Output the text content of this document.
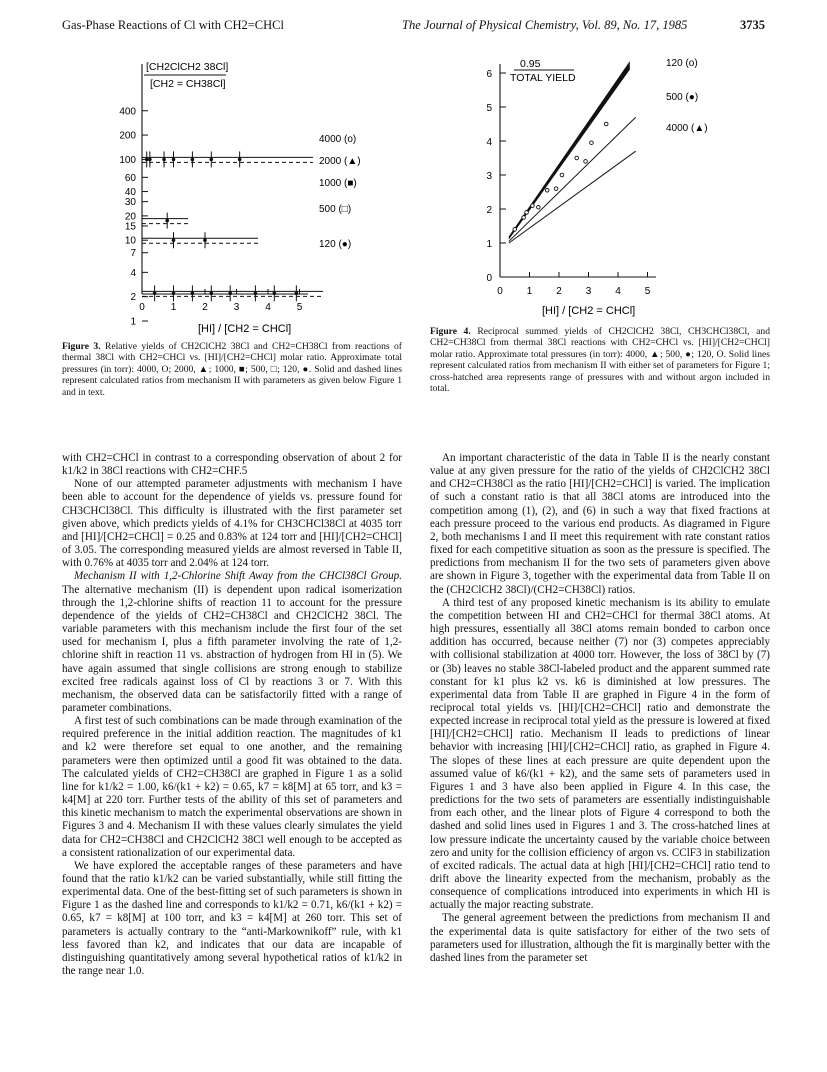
Gas-Phase Reactions of Cl with CH2=CHCl	The Journal of Physical Chemistry, Vol. 89, No. 17, 1985	3735
400
200
100
60
40
30
20
15
10
7
4
2
1
0	1	2	3	4	5
[CH2ClCH2 38Cl]
[CH2 = CH38Cl]
[HI] / [CH2 = CHCl]
4000 (o)
2000 (▲)
1000 (■)
500 (□)
120 (●)
Figure 3. Relative yields of CH2ClCH2 38Cl and CH2=CH38Cl from reactions of thermal 38Cl with CH2=CHCl vs. [HI]/[CH2=CHCl] molar ratio. Approximate total pressures (in torr): 4000, O; 2000, ▲; 1000, ■; 500, □; 120, ●. Solid and dashed lines represent calculated ratios from mechanism II with parameters as given below Figure 1 and in text.
0
1
2
3
4
5
6
0 1 2 3 4 5
0.95
TOTAL YIELD
[HI] / [CH2 = CHCl]
120 (o)
500 (●)
4000 (▲)
Figure 4. Reciprocal summed yields of CH2ClCH2 38Cl, CH3CHCl38Cl, and CH2=CH38Cl from thermal 38Cl reactions with CH2=CHCl vs. [HI]/[CH2=CHCl] molar ratio. Approximate total pressures (in torr): 4000, ▲; 500, ●; 120, O. Solid lines represent calculated ratios from mechanism II with either set of parameters for Figure 1; cross-hatched area represents range of pressures with and without argon included in total.

with CH2=CHCl in contrast to a corresponding observation of about 2 for k1/k2 in 38Cl reactions with CH2=CHF.5

None of our attempted parameter adjustments with mechanism I have been able to account for the dependence of yields vs. pressure found for CH3CHCl38Cl. This difficulty is illustrated with the first parameter set given above, which predicts yields of 4.1% for CH3CHCl38Cl at 4035 torr and [HI]/[CH2=CHCl] = 0.25 and 0.83% at 124 torr and [HI]/[CH2=CHCl] of 3.05. The corresponding measured yields are almost reversed in Table II, with 0.76% at 4035 torr and 2.04% at 124 torr.

Mechanism II with 1,2-Chlorine Shift Away from the CHCl38Cl Group. The alternative mechanism (II) is dependent upon radical isomerization through the 1,2-chlorine shifts of reaction 11 to account for the pressure dependence of the yields of CH2=CH38Cl and CH2ClCH2 38Cl. The variable parameters with this mechanism include the first four of the set used for mechanism I, plus a fifth parameter involving the rate of 1,2-chlorine shift in reaction 11 vs. abstraction of hydrogen from HI in (5). We have again assumed that single collisions are strong enough to stabilize excited free radicals against loss of Cl by reactions 3 or 7. With this mechanism, the observed data can be satisfactorily fitted with a range of parameter combinations.

A first test of such combinations can be made through examination of the required preference in the initial addition reaction. The magnitudes of k1 and k2 were therefore set equal to one another, and the remaining parameters were then optimized until a good fit was obtained to the data. The calculated yields of CH2=CH38Cl are graphed in Figure 1 as a solid line for k1/k2 = 1.00, k6/(k1 + k2) = 0.65, k7 = k8[M] at 65 torr, and k3 = k4[M] at 220 torr. Further tests of the ability of this set of parameters and this kinetic mechanism to match the experimental observations are shown in Figures 3 and 4. Mechanism II with these values clearly simulates the yield data for CH2=CH38Cl and CH2ClCH2 38Cl well enough to be accepted as a consistent rationalization of our experimental data.

We have explored the acceptable ranges of these parameters and have found that the ratio k1/k2 can be varied substantially, while still fitting the experimental data. One of the best-fitting set of such parameters is shown in Figure 1 as the dashed line and corresponds to k1/k2 = 0.71, k6/(k1 + k2) = 0.65, k7 = k8[M] at 100 torr, and k3 = k4[M] at 260 torr. This set of parameters is actually contrary to the “anti-Markownikoff” rule, with k1 less favored than k2, and indicates that our data are incapable of distinguishing quantitatively among several hypothetical ratios of k1/k2 in the range near 1.0.

An important characteristic of the data in Table II is the nearly constant value at any given pressure for the ratio of the yields of CH2ClCH2 38Cl and CH2=CH38Cl as the ratio [HI]/[CH2=CHCl] is varied. The implication of such a constant ratio is that all 38Cl atoms are introduced into the competition among (1), (2), and (6) in such a way that fixed fractions at each pressure proceed to the various end products. As diagramed in Figure 2, both mechanisms I and II meet this requirement with rate constant ratios fixed for each competitive situation as soon as the pressure is specified. The predictions from mechanism II for the two sets of parameters given above are shown in Figure 3, together with the experimental data from Table II on the (CH2ClCH2 38Cl)/(CH2=CH38Cl) ratios.

A third test of any proposed kinetic mechanism is its ability to emulate the competition between HI and CH2=CHCl for thermal 38Cl atoms. At high pressures, essentially all 38Cl atoms remain bonded to carbon once addition has occurred, because neither (7) nor (3) competes appreciably with collisional stabilization at 4000 torr. However, the loss of 38Cl by (7) or (3b) leaves no stable 38Cl-labeled product and the apparent summed rate constant for k1 plus k2 vs. k6 is diminished at low pressures. The experimental data from Table II are graphed in Figure 4 in the form of reciprocal total yields vs. [HI]/[CH2=CHCl] ratio and demonstrate the expected increase in reciprocal total yield as the pressure is lowered at fixed [HI]/[CH2=CHCl] ratio. Mechanism II leads to predictions of linear behavior with increasing [HI]/[CH2=CHCl] ratio, as graphed in Figure 4. The slopes of these lines at each pressure are quite dependent upon the assumed value of k6/(k1 + k2), and the same sets of parameters used in Figures 1 and 3 have also been applied in Figure 4. In this case, the predictions for the two sets of parameters are essentially indistinguishable from each other, and the linear plots of Figure 4 correspond to both the dashed and solid lines used in Figures 1 and 3. The cross-hatched lines at low pressure indicate the uncertainty caused by the variable choice between zero and unity for the collision efficiency of argon vs. CClF3 in stabilization of excited radicals. The actual data at high [HI]/[CH2=CHCl] ratio tend to drift above the linearity expected from the mechanism, probably as the consequence of complications introduced into experiments in which HI is actually the major reacting substrate.

The general agreement between the predictions from mechanism II and the experimental data is quite satisfactory for either of the two sets of parameters used for illustration, although the fit is marginally better with the dashed lines from the parameter set
